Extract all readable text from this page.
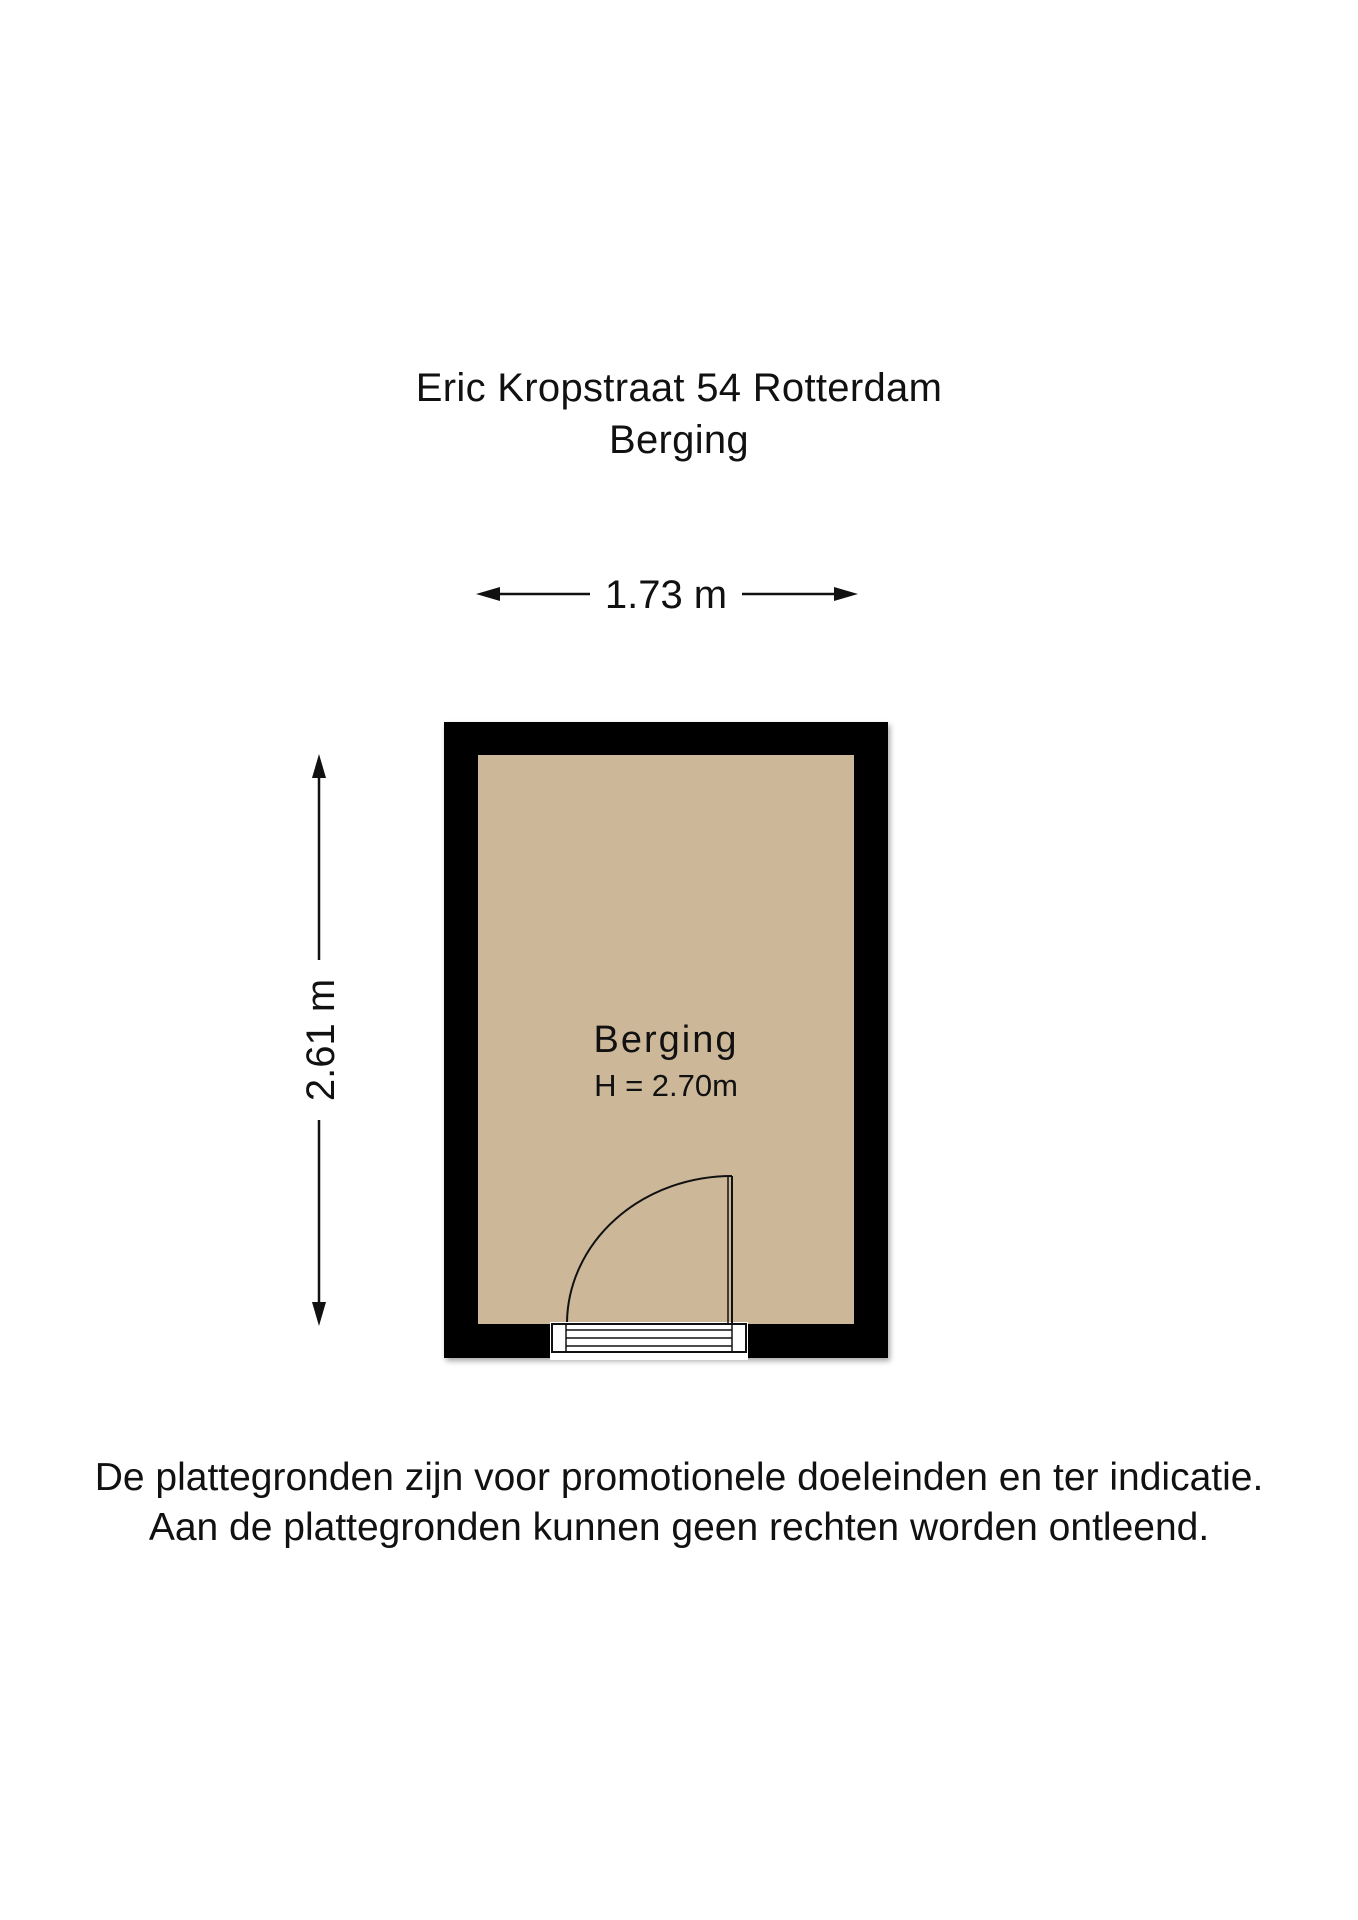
Eric Kropstraat 54 Rotterdam
Berging
1.73 m
2.61 m	Berging
H = 2.70m
De plattegronden zijn voor promotionele doeleinden en ter indicatie.
Aan de plattegronden kunnen geen rechten worden ontleend.
